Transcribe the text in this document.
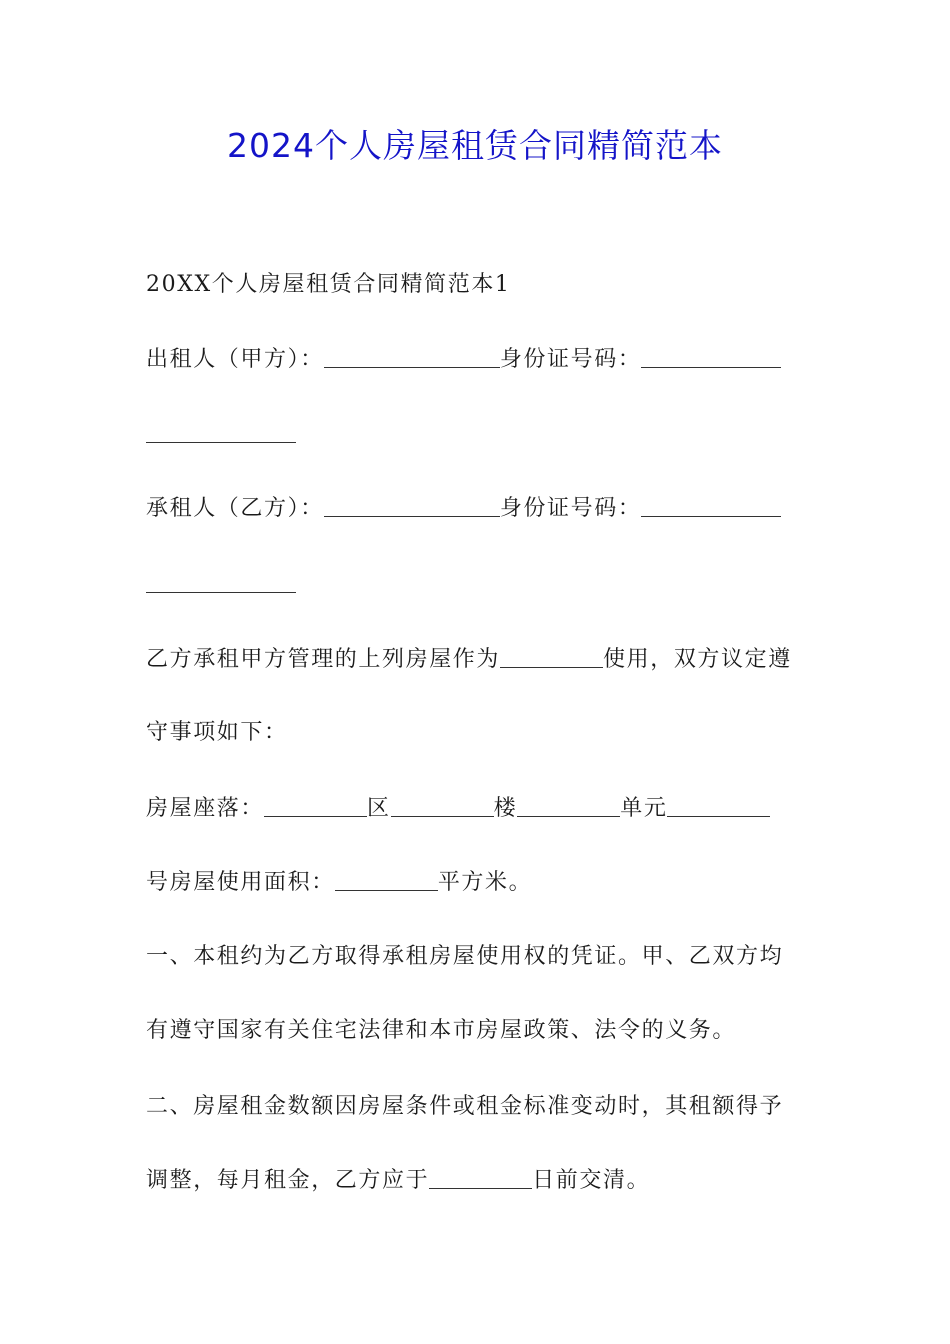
2024个人房屋租赁合同精简范本
20XX个人房屋租赁合同精简范本1
出租人（甲方）：	身份证号码：
承租人（乙方）：	身份证号码：
乙方承租甲方管理的上列房屋作为	使用，双方议定遵
守事项如下：
房屋座落：	区	楼	单元
号房屋使用面积：	平方米。
一、本租约为乙方取得承租房屋使用权的凭证。甲、乙双方均
有遵守国家有关住宅法律和本市房屋政策、法令的义务。
二、房屋租金数额因房屋条件或租金标准变动时，其租额得予
调整，每月租金，乙方应于	日前交清。
